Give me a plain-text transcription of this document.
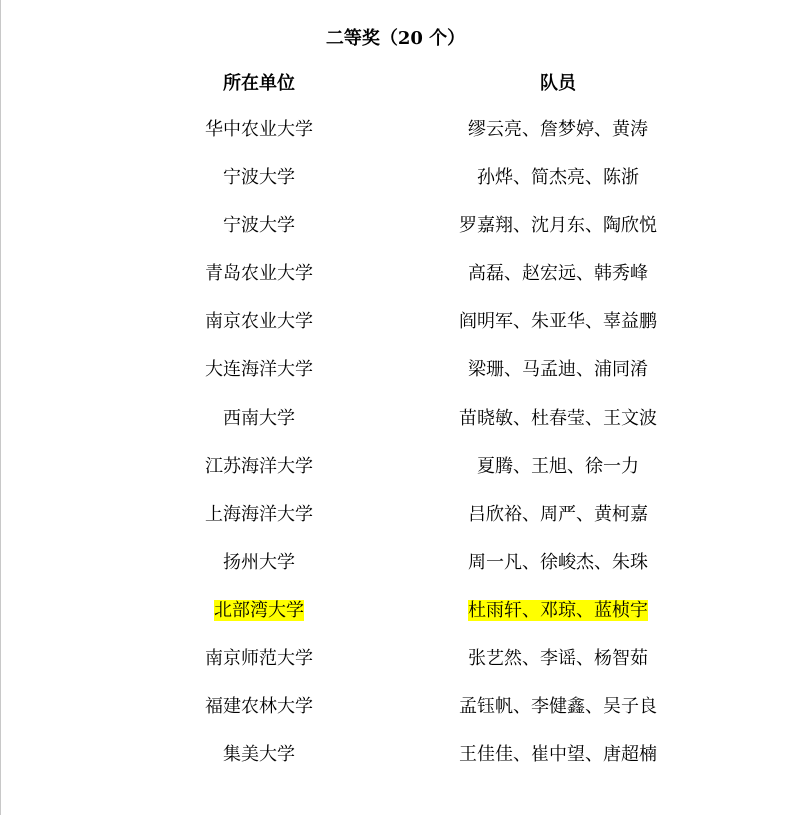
二等奖（20 个）
所在单位	队员
华中农业大学	缪云亮、詹梦婷、黄涛
宁波大学	孙烨、简杰亮、陈浙
宁波大学	罗嘉翔、沈月东、陶欣悦
青岛农业大学	高磊、赵宏远、韩秀峰
南京农业大学	阎明军、朱亚华、辜益鹏
大连海洋大学	梁珊、马孟迪、浦同淆
西南大学	苗晓敏、杜春莹、王文波
江苏海洋大学	夏腾、王旭、徐一力
上海海洋大学	吕欣裕、周严、黄柯嘉
扬州大学	周一凡、徐峻杰、朱珠
北部湾大学	杜雨轩、邓琼、蓝桢宇
南京师范大学	张艺然、李谣、杨智茹
福建农林大学	孟钰帆、李健鑫、吴子良
集美大学	王佳佳、崔中望、唐超楠
